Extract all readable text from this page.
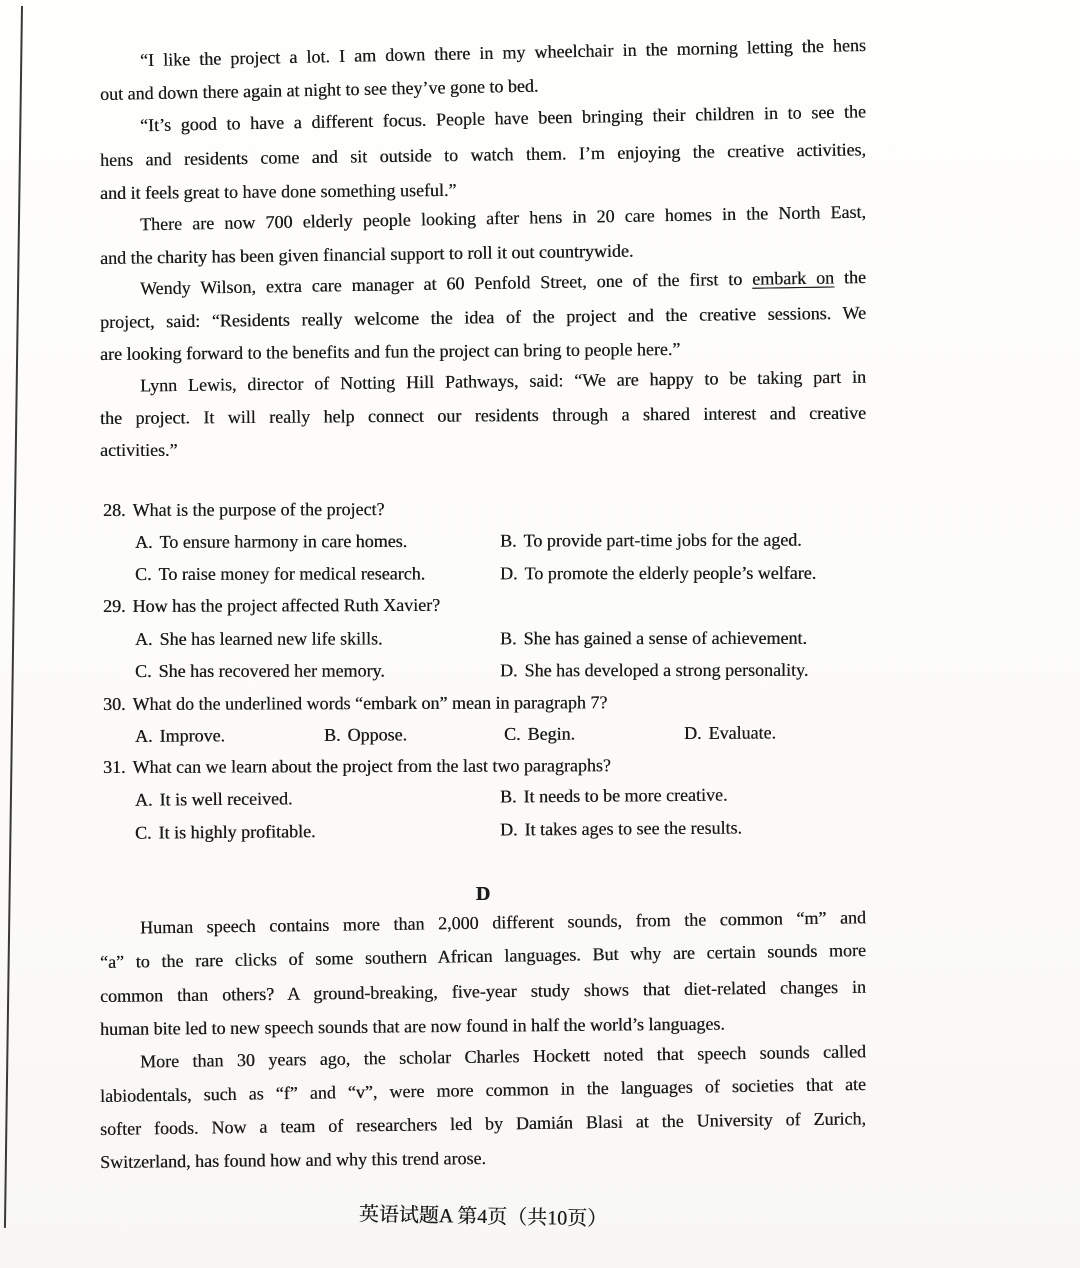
“I like the project a lot. I am down there in my wheelchair in the morning letting the hens
out and down there again at night to see they’ve gone to bed.
“It’s good to have a different focus. People have been bringing their children in to see the
hens and residents come and sit outside to watch them. I’m enjoying the creative activities,
and it feels great to have done something useful.”
There are now 700 elderly people looking after hens in 20 care homes in the North East,
and the charity has been given financial support to roll it out countrywide.
Wendy Wilson, extra care manager at 60 Penfold Street, one of the first to embark on the
project, said: “Residents really welcome the idea of the project and the creative sessions. We
are looking forward to the benefits and fun the project can bring to people here.”
Lynn Lewis, director of Notting Hill Pathways, said: “We are happy to be taking part in
the project. It will really help connect our residents through a shared interest and creative
activities.”
28. What is the purpose of the project?
A. To ensure harmony in care homes.	B. To provide part-time jobs for the aged.
C. To raise money for medical research.	D. To promote the elderly people’s welfare.
29. How has the project affected Ruth Xavier?
A. She has learned new life skills.	B. She has gained a sense of achievement.
C. She has recovered her memory.	D. She has developed a strong personality.
30. What do the underlined words “embark on” mean in paragraph 7?
A. Improve.	B. Oppose.	C. Begin.	D. Evaluate.
31. What can we learn about the project from the last two paragraphs?
A. It is well received.	B. It needs to be more creative.
C. It is highly profitable.	D. It takes ages to see the results.
D
Human speech contains more than 2,000 different sounds, from the common “m” and
“a” to the rare clicks of some southern African languages. But why are certain sounds more
common than others? A ground-breaking, five-year study shows that diet-related changes in
human bite led to new speech sounds that are now found in half the world’s languages.
More than 30 years ago, the scholar Charles Hockett noted that speech sounds called
labiodentals, such as “f” and “v”, were more common in the languages of societies that ate
softer foods. Now a team of researchers led by Damián Blasi at the University of Zurich,
Switzerland, has found how and why this trend arose.
英语试题A 第4页（共10页）
